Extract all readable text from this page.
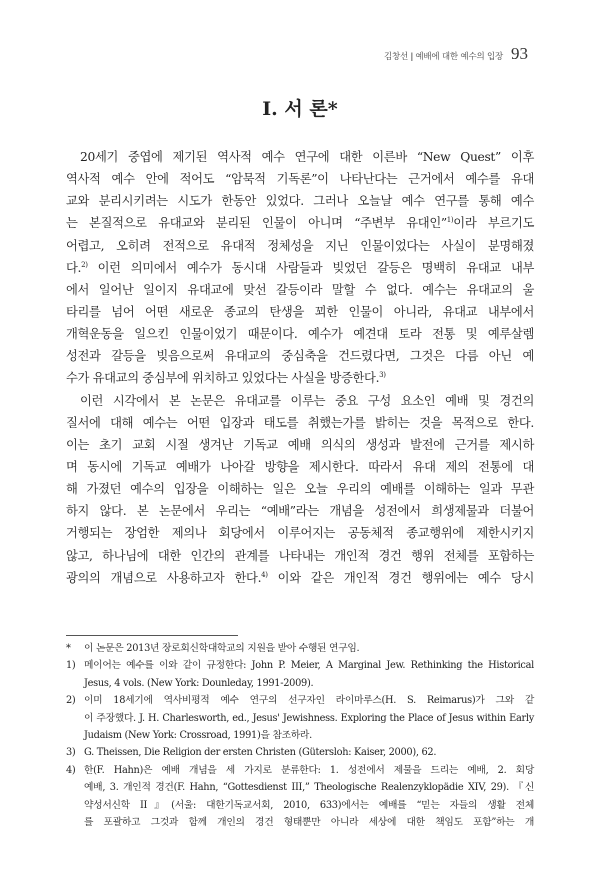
김창선 ǀ 예배에 대한 예수의 입장 93
I. 서 론*
20세기 중엽에 제기된 역사적 예수 연구에 대한 이른바 “New Quest” 이후
역사적 예수 안에 적어도 “암묵적 기독론”이 나타난다는 근거에서 예수를 유대
교와 분리시키려는 시도가 한동안 있었다. 그러나 오늘날 예수 연구를 통해 예수
는 본질적으로 유대교와 분리된 인물이 아니며 “주변부 유대인”$^{1)}$이라 부르기도
어렵고, 오히려 전적으로 유대적 정체성을 지닌 인물이었다는 사실이 분명해졌
다.$^{2)}$ 이런 의미에서 예수가 동시대 사람들과 빚었던 갈등은 명백히 유대교 내부
에서 일어난 일이지 유대교에 맞선 갈등이라 말할 수 없다. 예수는 유대교의 울
타리를 넘어 어떤 새로운 종교의 탄생을 꾀한 인물이 아니라, 유대교 내부에서
개혁운동을 일으킨 인물이었기 때문이다. 예수가 예견대 토라 전통 및 예루살렘
성전과 갈등을 빚음으로써 유대교의 중심축을 건드렸다면, 그것은 다름 아닌 예
수가 유대교의 중심부에 위치하고 있었다는 사실을 방증한다.$^{3)}$
이런 시각에서 본 논문은 유대교를 이루는 중요 구성 요소인 예배 및 경건의
질서에 대해 예수는 어떤 입장과 태도를 취했는가를 밝히는 것을 목적으로 한다.
이는 초기 교회 시절 생겨난 기독교 예배 의식의 생성과 발전에 근거를 제시하
며 동시에 기독교 예배가 나아갈 방향을 제시한다. 따라서 유대 제의 전통에 대
해 가졌던 예수의 입장을 이해하는 일은 오늘 우리의 예배를 이해하는 일과 무관
하지 않다. 본 논문에서 우리는 “예배”라는 개념을 성전에서 희생제물과 더불어
거행되는 장엄한 제의나 회당에서 이루어지는 공동체적 종교행위에 제한시키지
않고, 하나님에 대한 인간의 관계를 나타내는 개인적 경건 행위 전체를 포함하는
광의의 개념으로 사용하고자 한다.$^{4)}$ 이와 같은 개인적 경건 행위에는 예수 당시
*	이 논문은 2013년 장로회신학대학교의 지원을 받아 수행된 연구임.
1) 메이어는 예수를 이와 같이 규정한다: John P. Meier, A Marginal Jew. Rethinking the Historical
Jesus, 4 vols. (New York: Dounleday, 1991-2009).
2) 이미 18세기에 역사비평적 예수 연구의 선구자인 라이마루스(H. S. Reimarus)가 그와 같
이 주장했다. J. H. Charlesworth, ed., Jesus' Jewishness. Exploring the Place of Jesus within Early
Judaism (New York: Crossroad, 1991)을 참조하라.
3) G. Theissen, Die Religion der ersten Christen (Gütersloh: Kaiser, 2000), 62.
4) 한(F. Hahn)은 예배 개념을 세 가지로 분류한다: 1. 성전에서 제물을 드리는 예배, 2. 회당
예배, 3. 개인적 경건(F. Hahn, “Gottesdienst III,” Theologische Realenzyklopädie XIV, 29). 『신
약성서신학 II』(서울: 대한기독교서회, 2010, 633)에서는 예배를 “믿는 자들의 생활 전체
를 포괄하고 그것과 함께 개인의 경건 형태뿐만 아니라 세상에 대한 책임도 포함”하는 개
